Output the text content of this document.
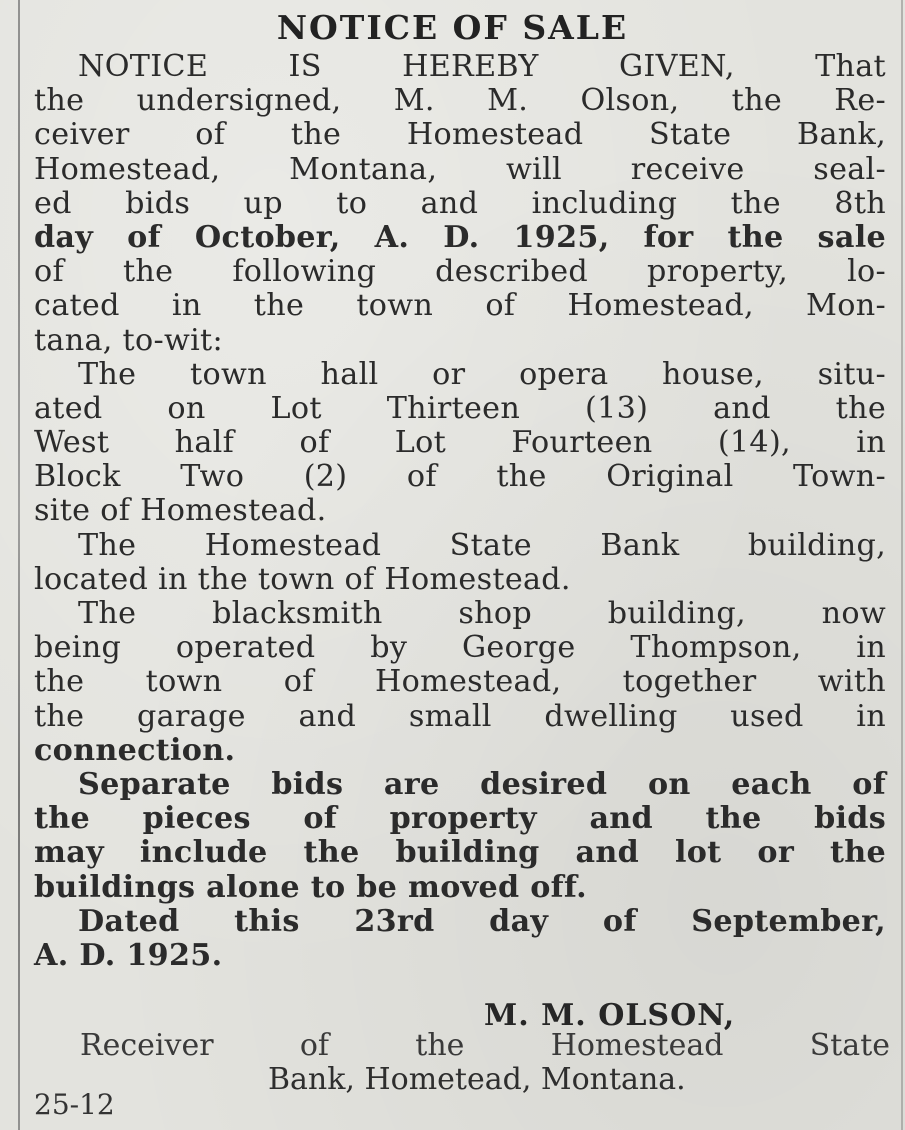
NOTICE OF SALE
NOTICE IS HEREBY GIVEN, That
the undersigned, M. M. Olson, the Re-
ceiver of the Homestead State Bank,
Homestead, Montana, will receive seal-
ed bids up to and including the 8th
day of October, A. D. 1925, for the sale
of the following described property, lo-
cated in the town of Homestead, Mon-
tana, to-wit:
The town hall or opera house, situ-
ated on Lot Thirteen (13) and the
West half of Lot Fourteen (14), in
Block Two (2) of the Original Town-
site of Homestead.
The Homestead State Bank building,
located in the town of Homestead.
The blacksmith shop building, now
being operated by George Thompson, in
the town of Homestead, together with
the garage and small dwelling used in
connection.
Separate bids are desired on each of
the pieces of property and the bids
may include the building and lot or the
buildings alone to be moved off.
Dated this 23rd day of September,
A. D. 1925.
M. M. OLSON,
Receiver of the Homestead State
Bank, Hometead, Montana.
25-12
